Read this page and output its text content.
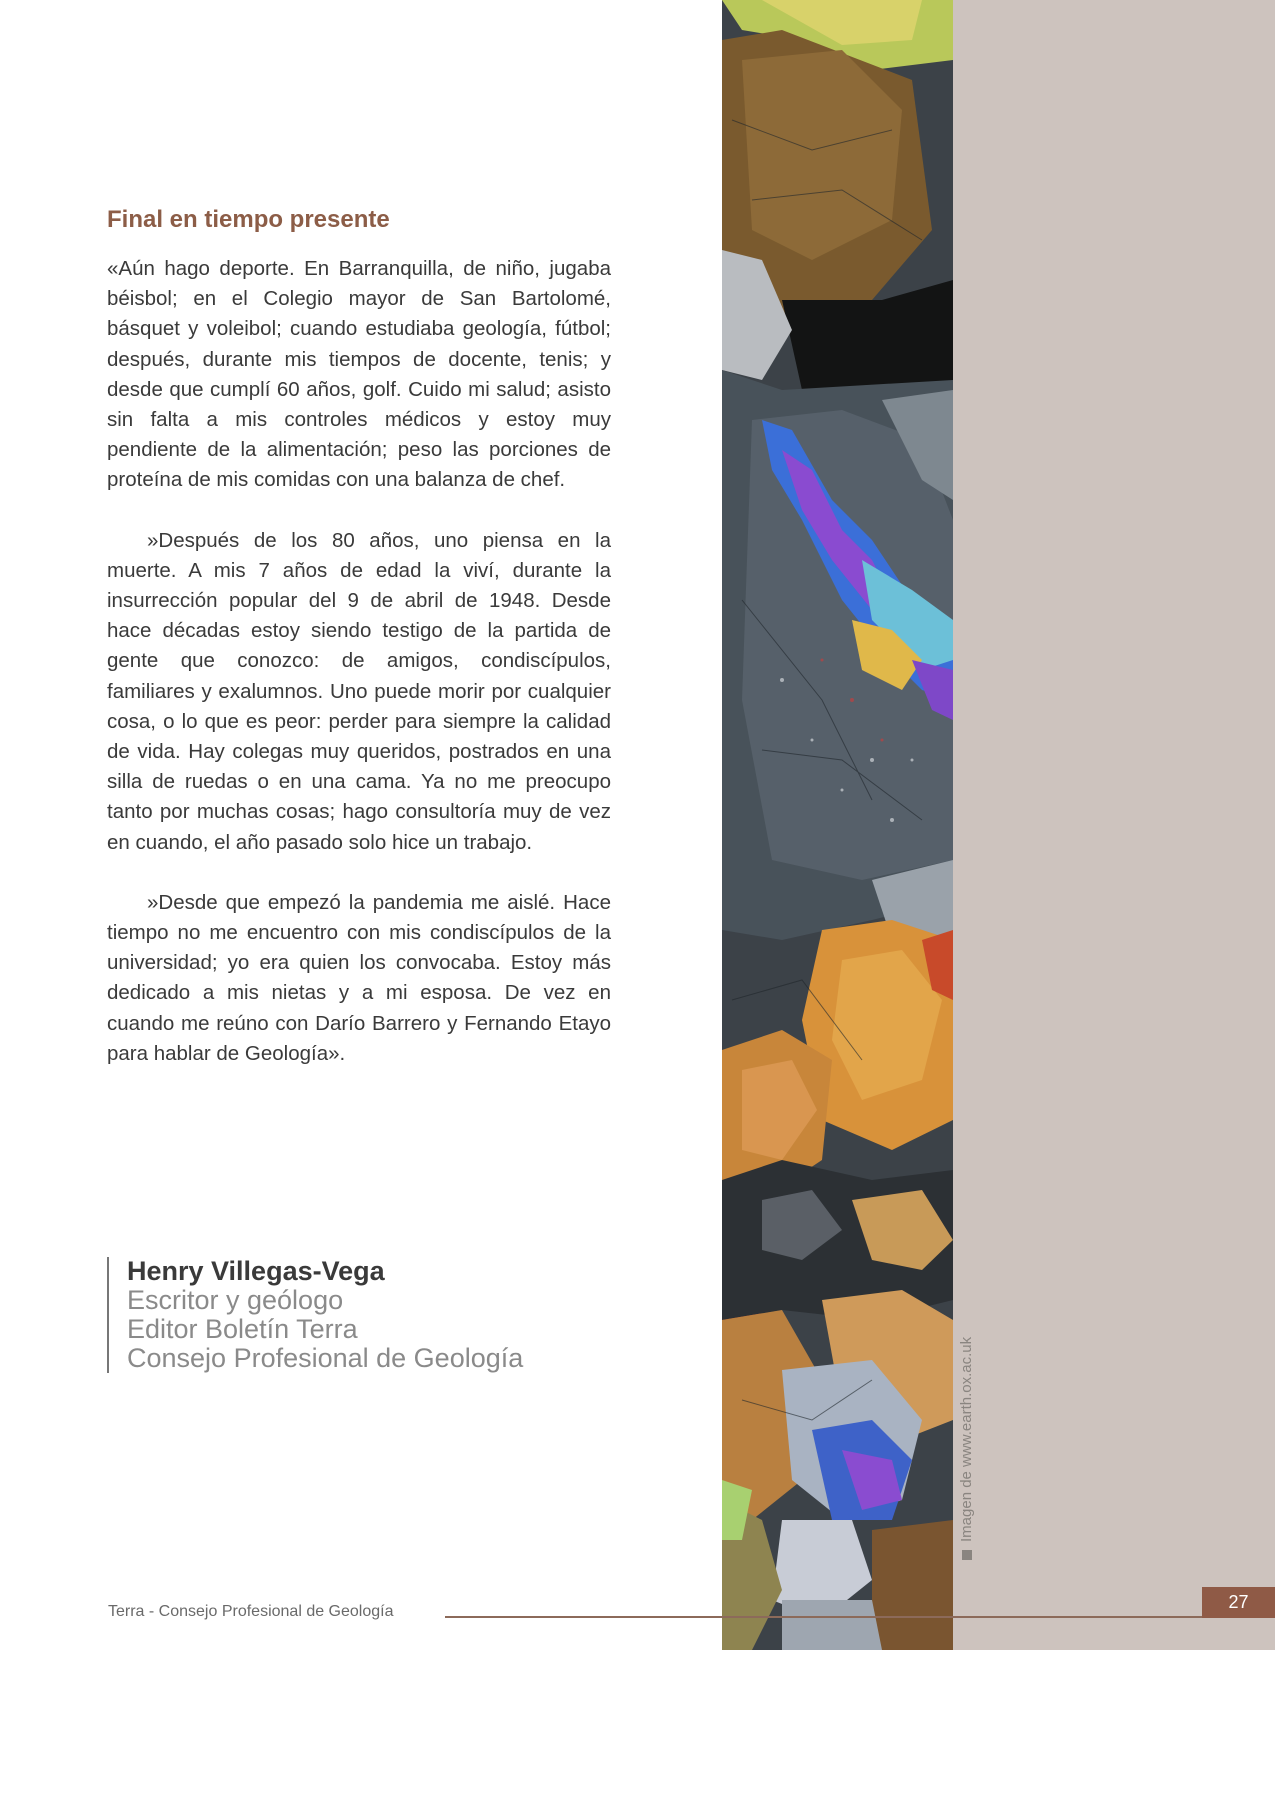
Imagen de www.earth.ox.ac.uk
Final en tiempo presente

«Aún hago deporte. En Barranquilla, de niño, jugaba béisbol; en el Colegio mayor de San Bartolomé, básquet y voleibol; cuando estudiaba geología, fútbol; después, durante mis tiempos de docente, tenis; y desde que cumplí 60 años, golf. Cuido mi salud; asisto sin falta a mis controles médicos y estoy muy pendiente de la alimentación; peso las porciones de proteína de mis comidas con una balanza de chef.

»Después de los 80 años, uno piensa en la muerte. A mis 7 años de edad la viví, durante la insurrección popular del 9 de abril de 1948. Desde hace décadas estoy siendo testigo de la partida de gente que conozco: de amigos, condiscípulos, familiares y exalumnos. Uno puede morir por cualquier cosa, o lo que es peor: perder para siempre la calidad de vida. Hay colegas muy queridos, postrados en una silla de ruedas o en una cama. Ya no me preocupo tanto por muchas cosas; hago consultoría muy de vez en cuando, el año pasado solo hice un trabajo.

»Desde que empezó la pandemia me aislé. Hace tiempo no me encuentro con mis condiscípulos de la universidad; yo era quien los convocaba. Estoy más dedicado a mis nietas y a mi esposa. De vez en cuando me reúno con Darío Barrero y Fernando Etayo para hablar de Geología».

Henry Villegas-Vega
Escritor y geólogo
Editor Boletín Terra
Consejo Profesional de Geología
Terra - Consejo Profesional de Geología	27
